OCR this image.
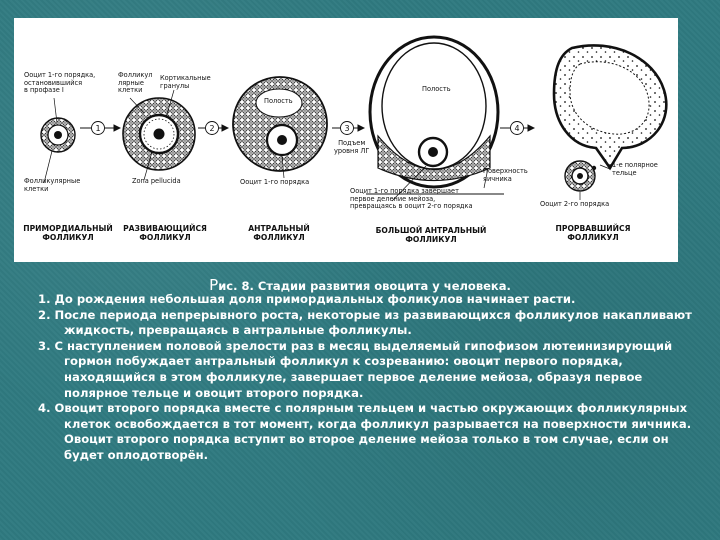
1	2	3	4
Ооцит 1-го порядка,
остановившийся
в профазе I
Фолликул
лярные
клетки
Кортикальные
гранулы
Фолликулярные
клетки
Zona pellucida
Полость
Полость
Подъем
уровня ЛГ
Ооцит 1-го порядка
Ооцит 1-го порядка завершает
первое деление мейоза,
превращаясь в ооцит 2-го порядка
Поверхность
яичника
1-е полярное
тельце
Ооцит 2-го порядка
ПРИМОРДИАЛЬНЫЙ
ФОЛЛИКУЛ
РАЗВИВАЮЩИЙСЯ
ФОЛЛИКУЛ
АНТРАЛЬНЫЙ
ФОЛЛИКУЛ
БОЛЬШОЙ АНТРАЛЬНЫЙ
ФОЛЛИКУЛ
ПРОРВАВШИЙСЯ
ФОЛЛИКУЛ
Рис. 8. Стадии развития овоцита у человека.

1. До рождения небольшая доля примордиальных фоликулов начинает расти.

2. После периода непрерывного роста, некоторые из развивающихся фолликулов накапливают жидкость, превращаясь в антральные фолликулы.

3. С наступлением половой зрелости раз в месяц выделяемый гипофизом лютеинизирующий гормон побуждает антральный фолликул к созреванию: овоцит первого порядка, находящийся в этом фолликуле, завершает первое деление мейоза, образуя первое полярное тельце и овоцит второго порядка.

4. Овоцит второго порядка вместе с полярным тельцем и частью окружающих фолликулярных клеток освобождается в тот момент, когда фолликул разрывается на поверхности яичника. Овоцит второго порядка вступит во второе деление мейоза только в том случае, если он будет оплодотворён.
